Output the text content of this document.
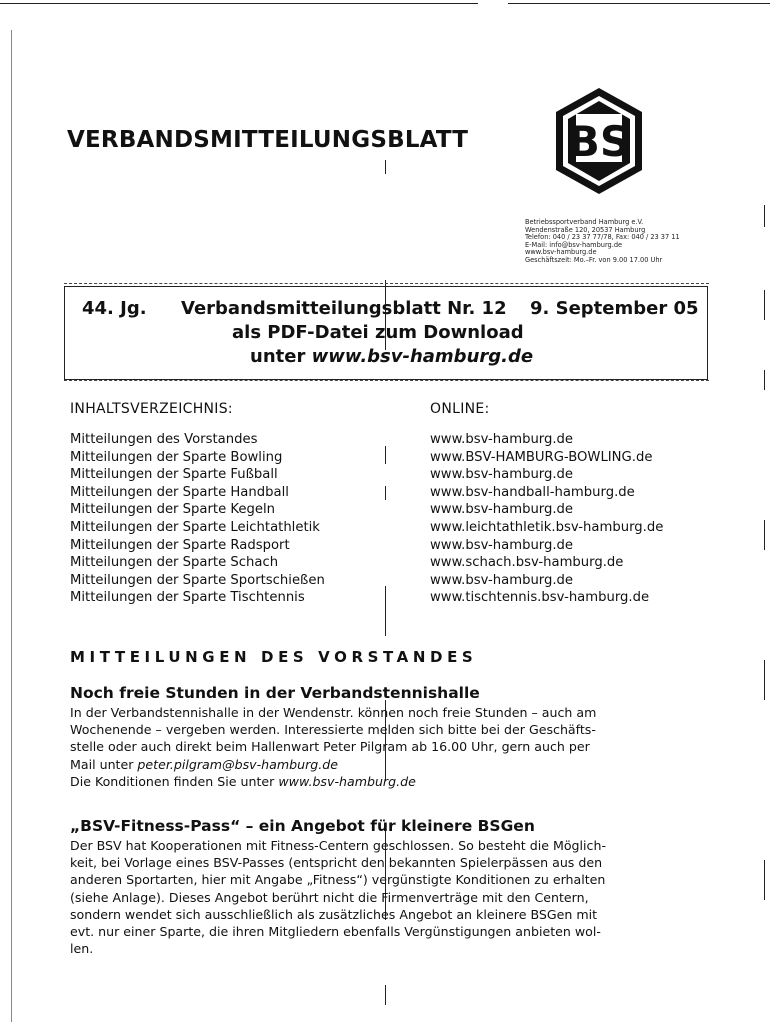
VERBANDSMITTEILUNGSBLATT BS
Betriebssportverband Hamburg e.V.
Wendenstraße 120, 20537 Hamburg
Telefon: 040 / 23 37 77/78, Fax: 040 / 23 37 11
E-Mail: info@bsv-hamburg.de
www.bsv-hamburg.de
Geschäftszeit: Mo.–Fr. von 9.00 17.00 Uhr
44. Jg. Verbandsmitteilungsblatt Nr. 12 9. September 05
als PDF-Datei zum Download
unter www.bsv-hamburg.de
INHALTSVERZEICHNIS:	ONLINE:
Mitteilungen des Vorstandes
Mitteilungen der Sparte Bowling
Mitteilungen der Sparte Fußball
Mitteilungen der Sparte Handball
Mitteilungen der Sparte Kegeln
Mitteilungen der Sparte Leichtathletik
Mitteilungen der Sparte Radsport
Mitteilungen der Sparte Schach
Mitteilungen der Sparte Sportschießen
Mitteilungen der Sparte Tischtennis
www.bsv-hamburg.de
www.BSV-HAMBURG-BOWLING.de
www.bsv-hamburg.de
www.bsv-handball-hamburg.de
www.bsv-hamburg.de
www.leichtathletik.bsv-hamburg.de
www.bsv-hamburg.de
www.schach.bsv-hamburg.de
www.bsv-hamburg.de
www.tischtennis.bsv-hamburg.de
MITTEILUNGEN DES VORSTANDES
Noch freie Stunden in der Verbandstennishalle

In der Verbandstennishalle in der Wendenstr. können noch freie Stunden – auch am

Wochenende – vergeben werden. Interessierte melden sich bitte bei der Geschäfts-

stelle oder auch direkt beim Hallenwart Peter Pilgram ab 16.00 Uhr, gern auch per

Mail unter peter.pilgram@bsv-hamburg.de

Die Konditionen finden Sie unter www.bsv-hamburg.de

„BSV-Fitness-Pass“ – ein Angebot für kleinere BSGen

Der BSV hat Kooperationen mit Fitness-Centern geschlossen. So besteht die Möglich-

keit, bei Vorlage eines BSV-Passes (entspricht den bekannten Spielerpässen aus den

anderen Sportarten, hier mit Angabe „Fitness“) vergünstigte Konditionen zu erhalten

(siehe Anlage). Dieses Angebot berührt nicht die Firmenverträge mit den Centern,

sondern wendet sich ausschließlich als zusätzliches Angebot an kleinere BSGen mit

evt. nur einer Sparte, die ihren Mitgliedern ebenfalls Vergünstigungen anbieten wol-

len.
